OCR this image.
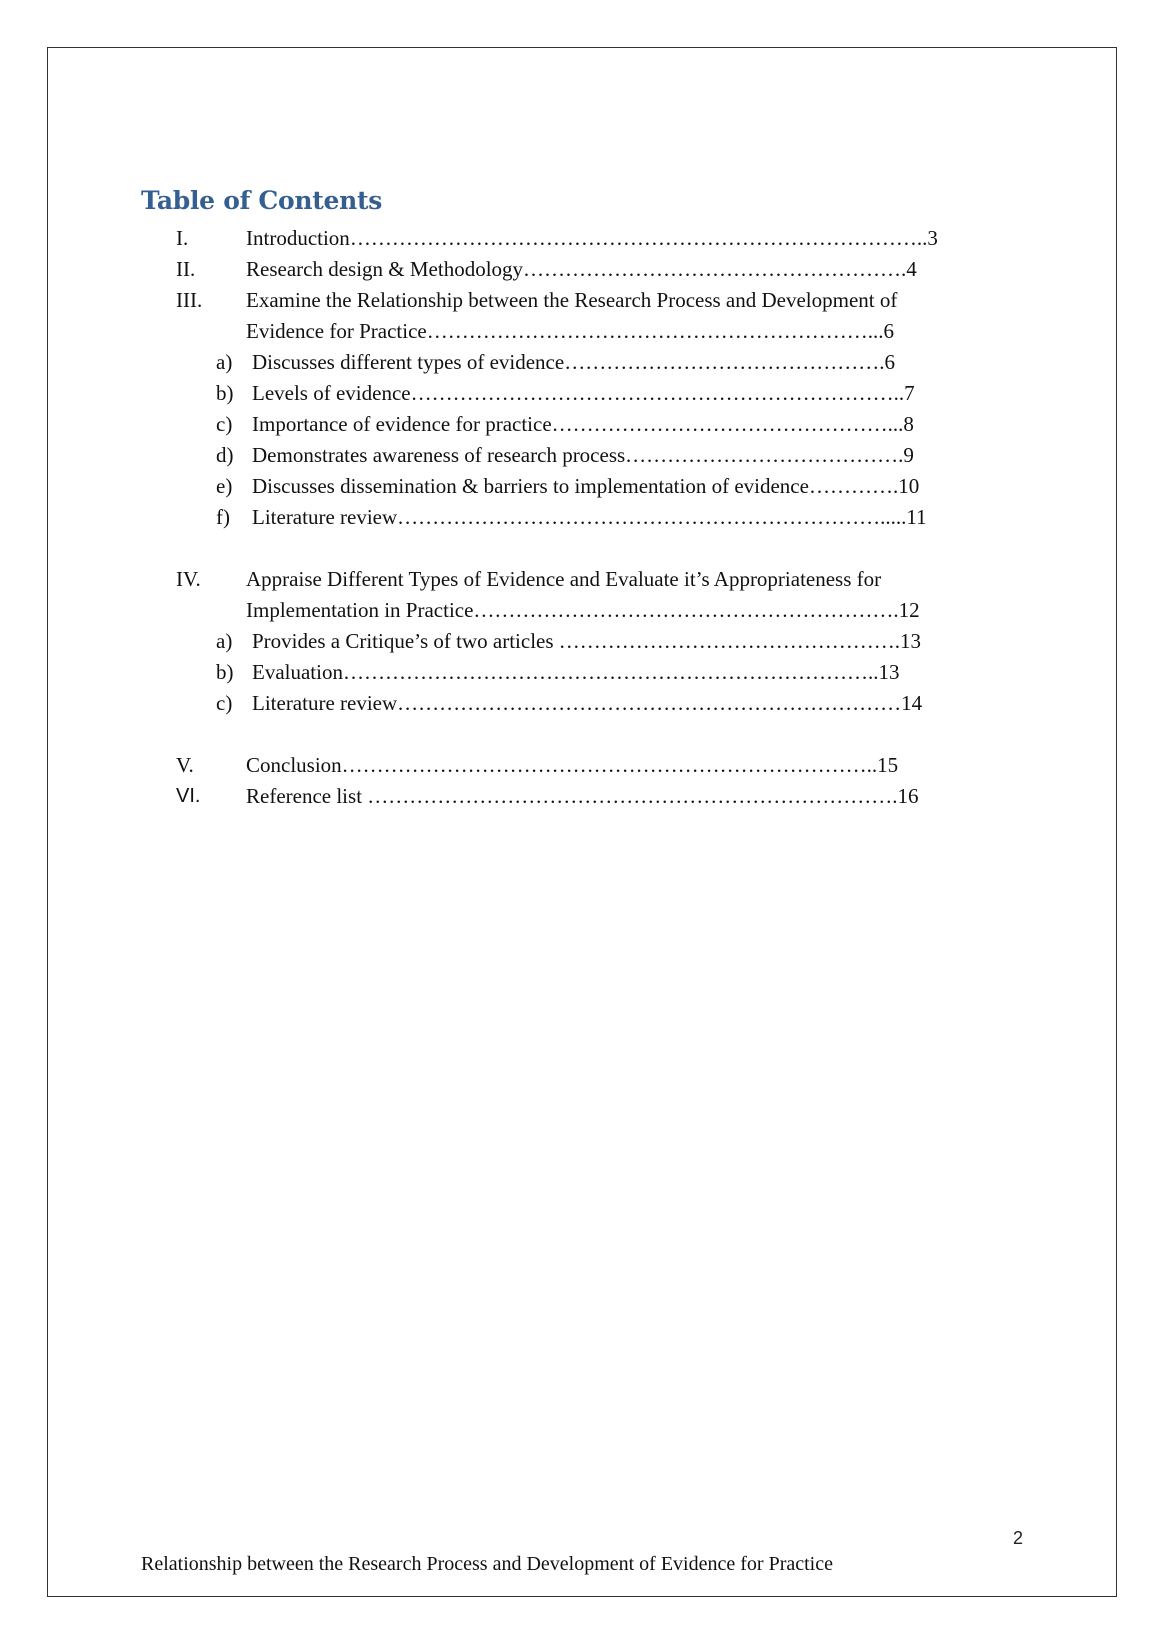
Table of Contents
I.	Introduction………………………………………………………………………..3
II. Research design & Methodology……………………………………………….4
III. Examine the Relationship between the Research Process and Development of
Evidence for Practice………………………………………………………...6
a) Discusses different types of evidence……………………………………….6
b) Levels of evidence……………………………………………………………..7
c) Importance of evidence for practice…………………………………………...8
d) Demonstrates awareness of research process………………………………….9
e) Discusses dissemination & barriers to implementation of evidence………….10
f) Literature review…………………………………………………………….....11
IV. Appraise Different Types of Evidence and Evaluate it’s Appropriateness for
Implementation in Practice…………………………………………………….12
a) Provides a Critique’s of two articles ………………………………………….13
b) Evaluation…………………………………………………………………..13
c) Literature review………………………………………………………………14
V. Conclusion…………………………………………………………………..15
VI. Reference list ………………………………………………………………….16
2
Relationship between the Research Process and Development of Evidence for Practice
